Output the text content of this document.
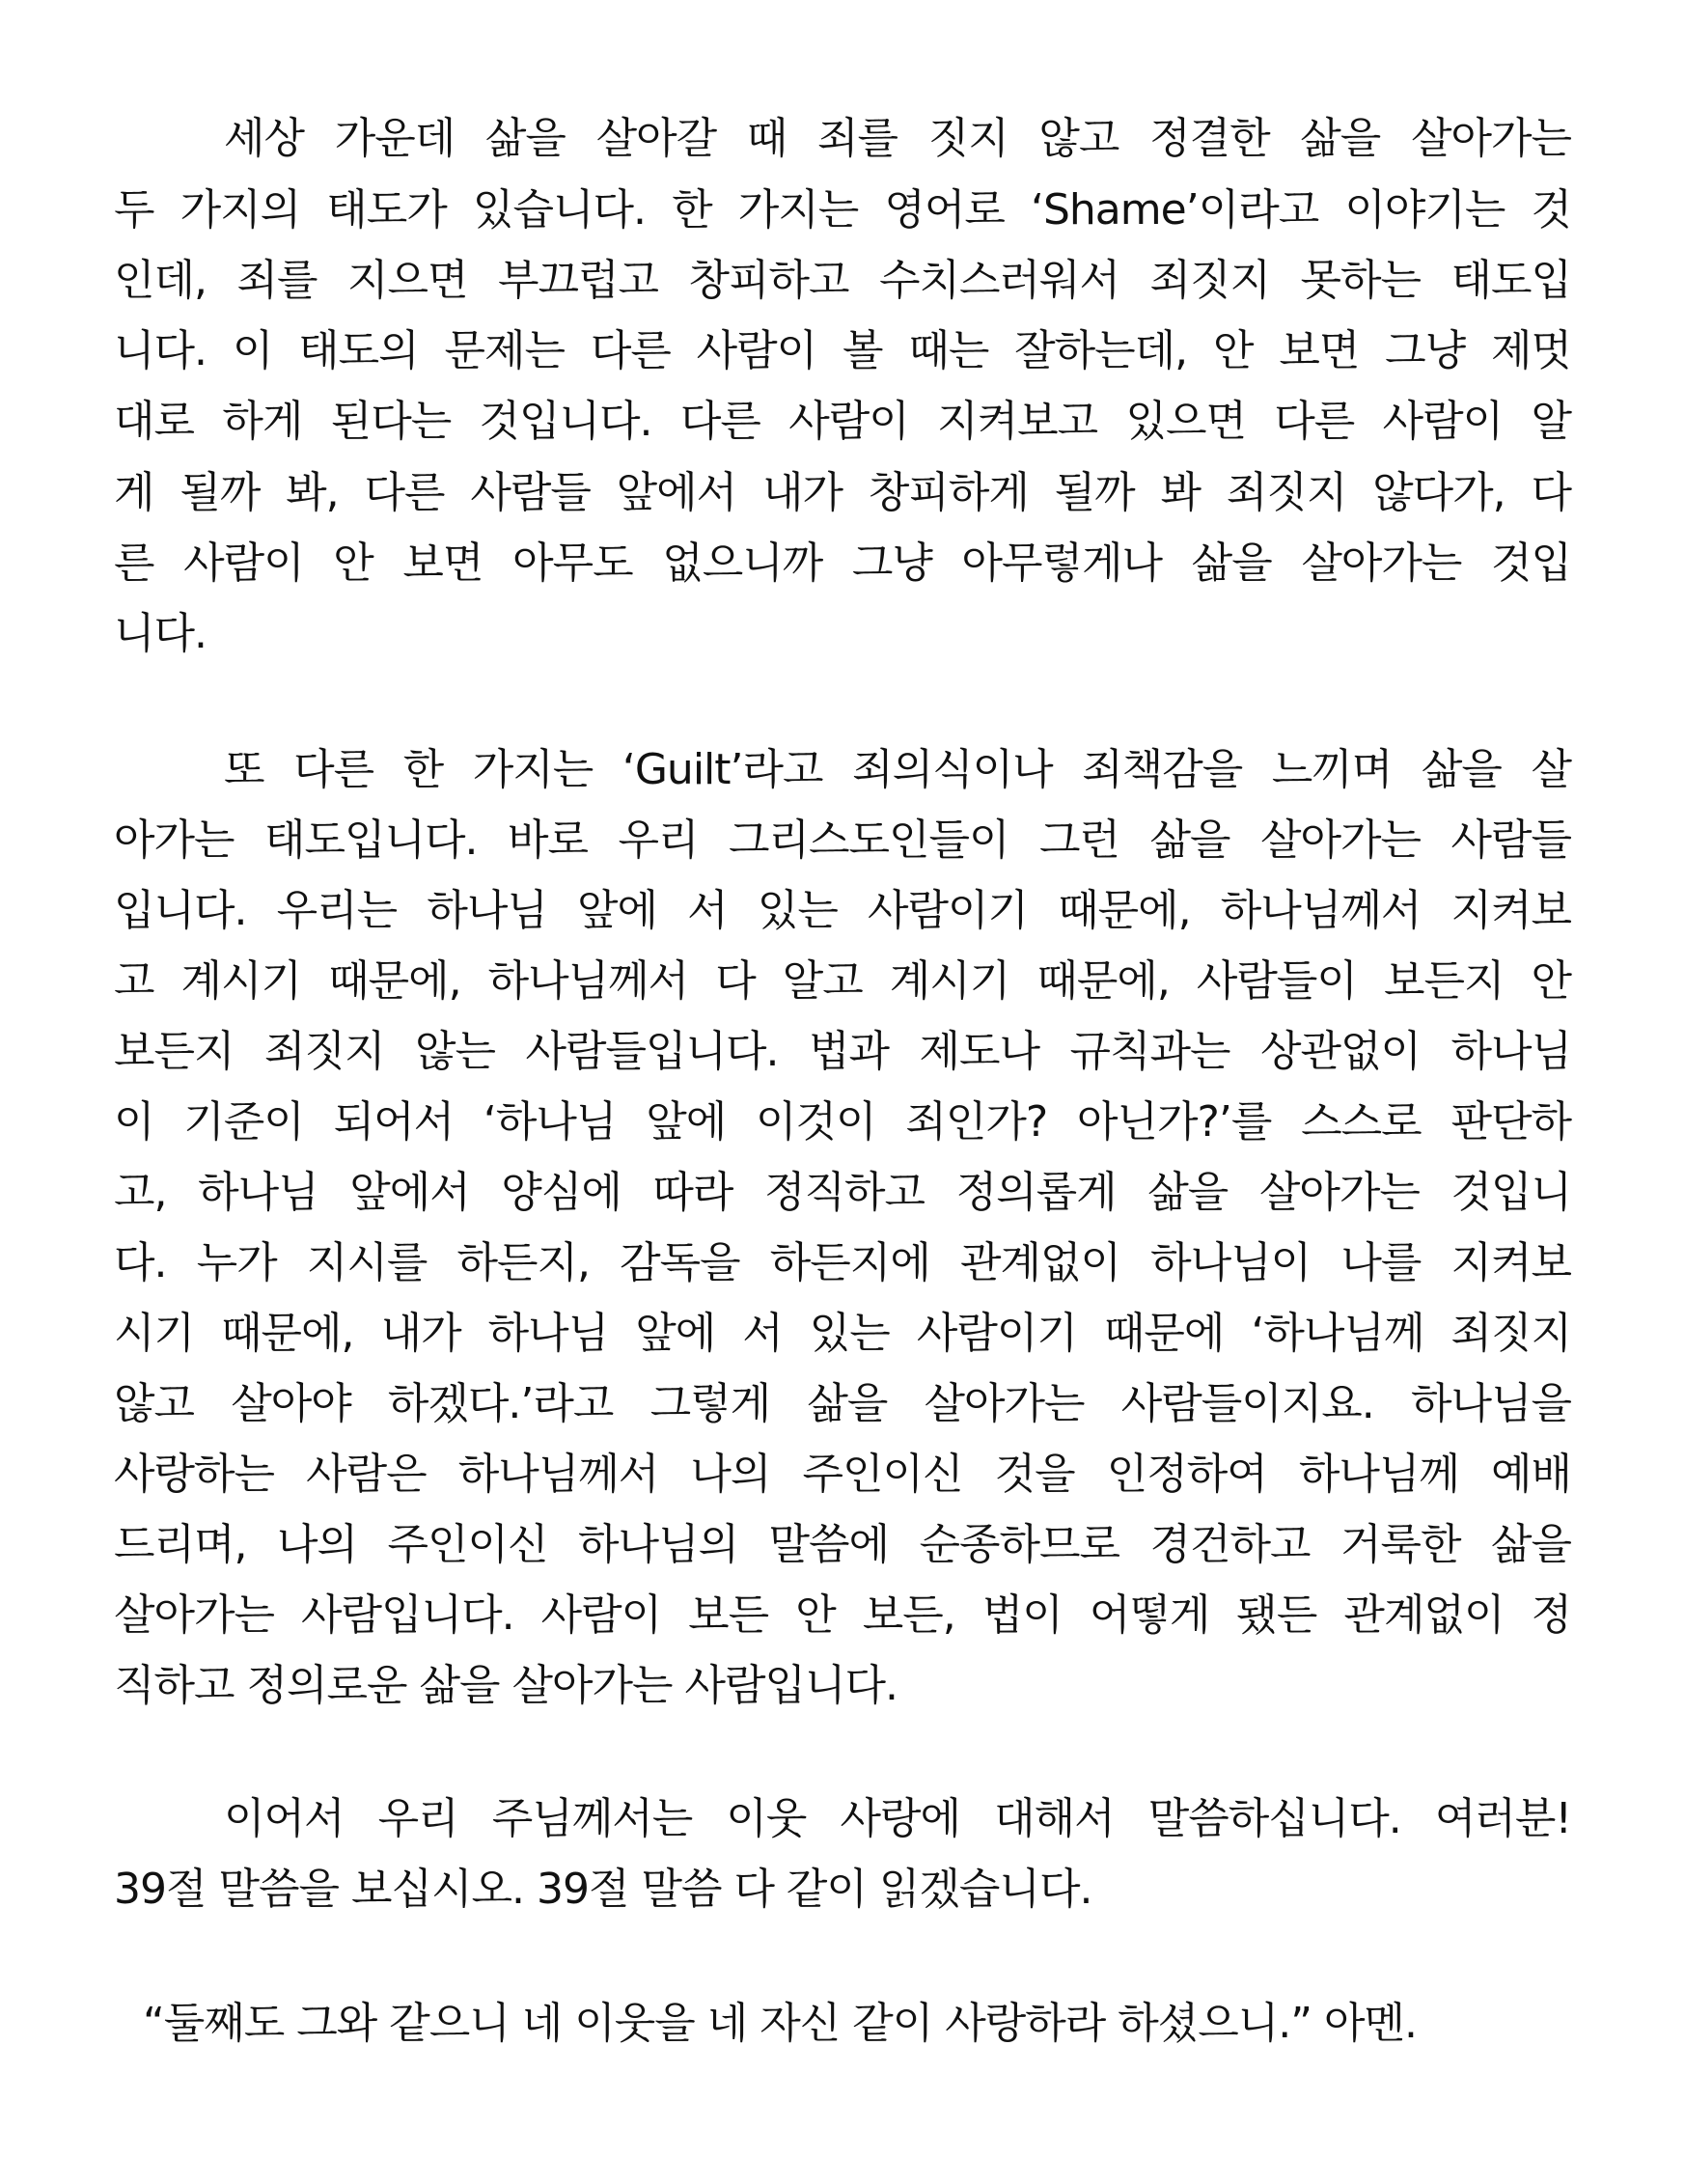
세상 가운데 삶을 살아갈 때 죄를 짓지 않고 정결한 삶을 살아가는
두 가지의 태도가 있습니다. 한 가지는 영어로 ‘Shame’이라고 이야기는 것
인데, 죄를 지으면 부끄럽고 창피하고 수치스러워서 죄짓지 못하는 태도입
니다. 이 태도의 문제는 다른 사람이 볼 때는 잘하는데, 안 보면 그냥 제멋
대로 하게 된다는 것입니다. 다른 사람이 지켜보고 있으면 다른 사람이 알
게 될까 봐, 다른 사람들 앞에서 내가 창피하게 될까 봐 죄짓지 않다가, 다
른 사람이 안 보면 아무도 없으니까 그냥 아무렇게나 삶을 살아가는 것입
니다.
또 다른 한 가지는 ‘Guilt’라고 죄의식이나 죄책감을 느끼며 삶을 살
아가는 태도입니다. 바로 우리 그리스도인들이 그런 삶을 살아가는 사람들
입니다. 우리는 하나님 앞에 서 있는 사람이기 때문에, 하나님께서 지켜보
고 계시기 때문에, 하나님께서 다 알고 계시기 때문에, 사람들이 보든지 안
보든지 죄짓지 않는 사람들입니다. 법과 제도나 규칙과는 상관없이 하나님
이 기준이 되어서 ‘하나님 앞에 이것이 죄인가? 아닌가?’를 스스로 판단하
고, 하나님 앞에서 양심에 따라 정직하고 정의롭게 삶을 살아가는 것입니
다. 누가 지시를 하든지, 감독을 하든지에 관계없이 하나님이 나를 지켜보
시기 때문에, 내가 하나님 앞에 서 있는 사람이기 때문에 ‘하나님께 죄짓지
않고 살아야 하겠다.’라고 그렇게 삶을 살아가는 사람들이지요. 하나님을
사랑하는 사람은 하나님께서 나의 주인이신 것을 인정하여 하나님께 예배
드리며, 나의 주인이신 하나님의 말씀에 순종하므로 경건하고 거룩한 삶을
살아가는 사람입니다. 사람이 보든 안 보든, 법이 어떻게 됐든 관계없이 정
직하고 정의로운 삶을 살아가는 사람입니다.
이어서 우리 주님께서는 이웃 사랑에 대해서 말씀하십니다. 여러분!
39절 말씀을 보십시오. 39절 말씀 다 같이 읽겠습니다.
“둘째도 그와 같으니 네 이웃을 네 자신 같이 사랑하라 하셨으니.” 아멘.
